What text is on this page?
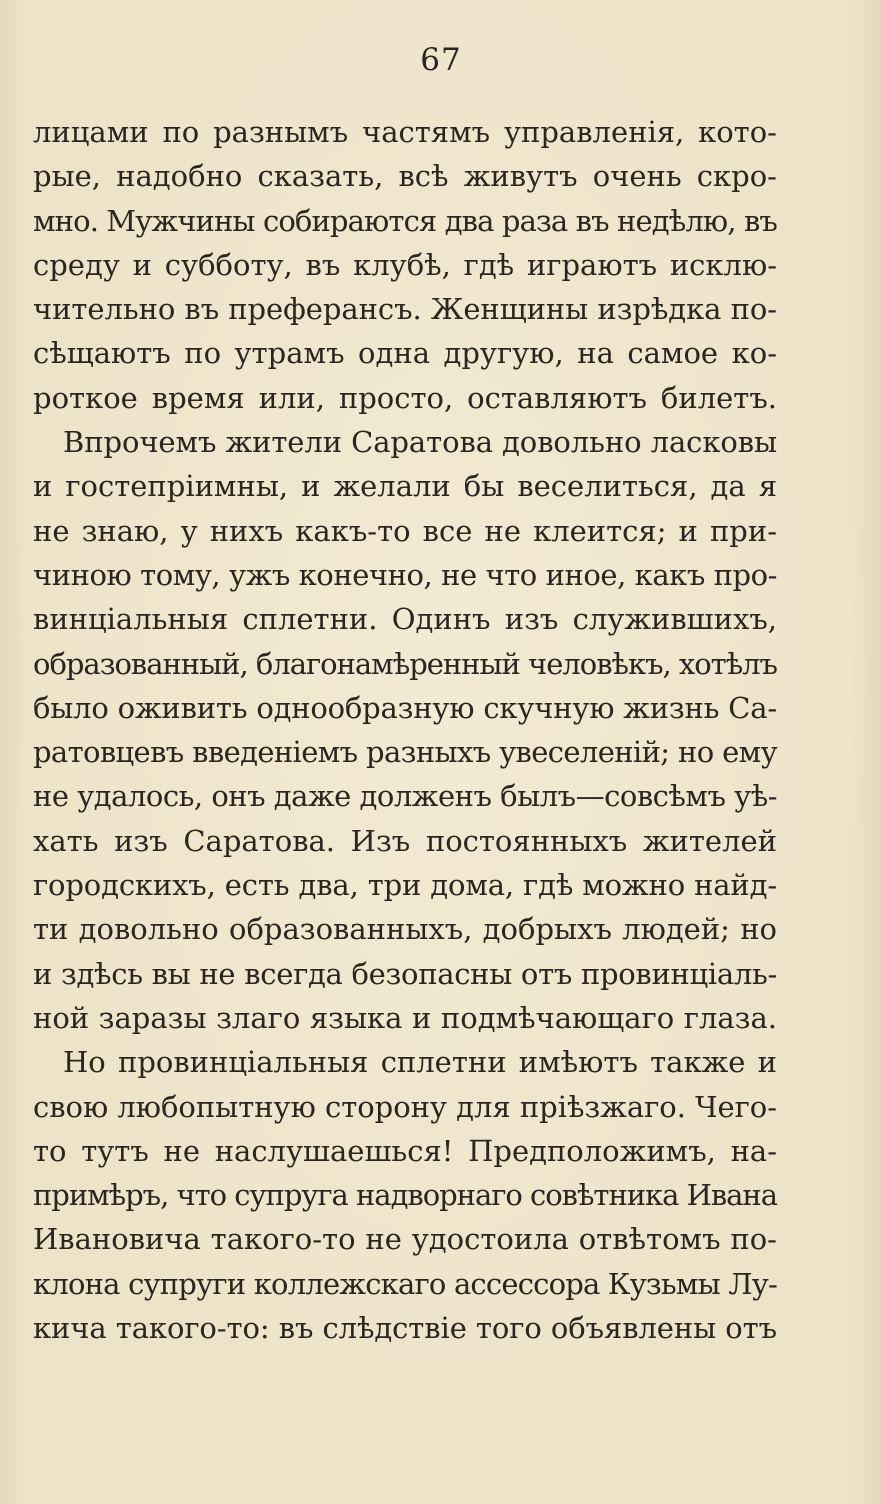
67
лицами по разнымъ частямъ управленія, кото-
рые, надобно сказать, всѣ живутъ очень скро-
мно. Мужчины собираются два раза въ недѣлю, въ
среду и субботу, въ клубѣ, гдѣ играютъ исклю-
чительно въ преферансъ. Женщины изрѣдка по-
сѣщаютъ по утрамъ одна другую, на самое ко-
роткое время или, просто, оставляютъ билетъ.
Впрочемъ жители Саратова довольно ласковы
и гостепріимны, и желали бы веселиться, да я
не знаю, у нихъ какъ-то все не клеится; и при-
чиною тому, ужъ конечно, не что иное, какъ про-
винціальныя сплетни. Одинъ изъ служившихъ,
образованный, благонамѣренный человѣкъ, хотѣлъ
было оживить однообразную скучную жизнь Са-
ратовцевъ введеніемъ разныхъ увеселеній; но ему
не удалось, онъ даже долженъ былъ—совсѣмъ уѣ-
хать изъ Саратова. Изъ постоянныхъ жителей
городскихъ, есть два, три дома, гдѣ можно найд-
ти довольно образованныхъ, добрыхъ людей; но
и здѣсь вы не всегда безопасны отъ провинціаль-
ной заразы злаго языка и подмѣчающаго глаза.
Но провинціальныя сплетни имѣютъ также и
свою любопытную сторону для пріѣзжаго. Чего-
то тутъ не наслушаешься! Предположимъ, на-
примѣръ, что супруга надворнаго совѣтника Ивана
Ивановича такого-то не удостоила отвѣтомъ по-
клона супруги коллежскаго ассессора Кузьмы Лу-
кича такого-то: въ слѣдствіе того объявлены отъ
